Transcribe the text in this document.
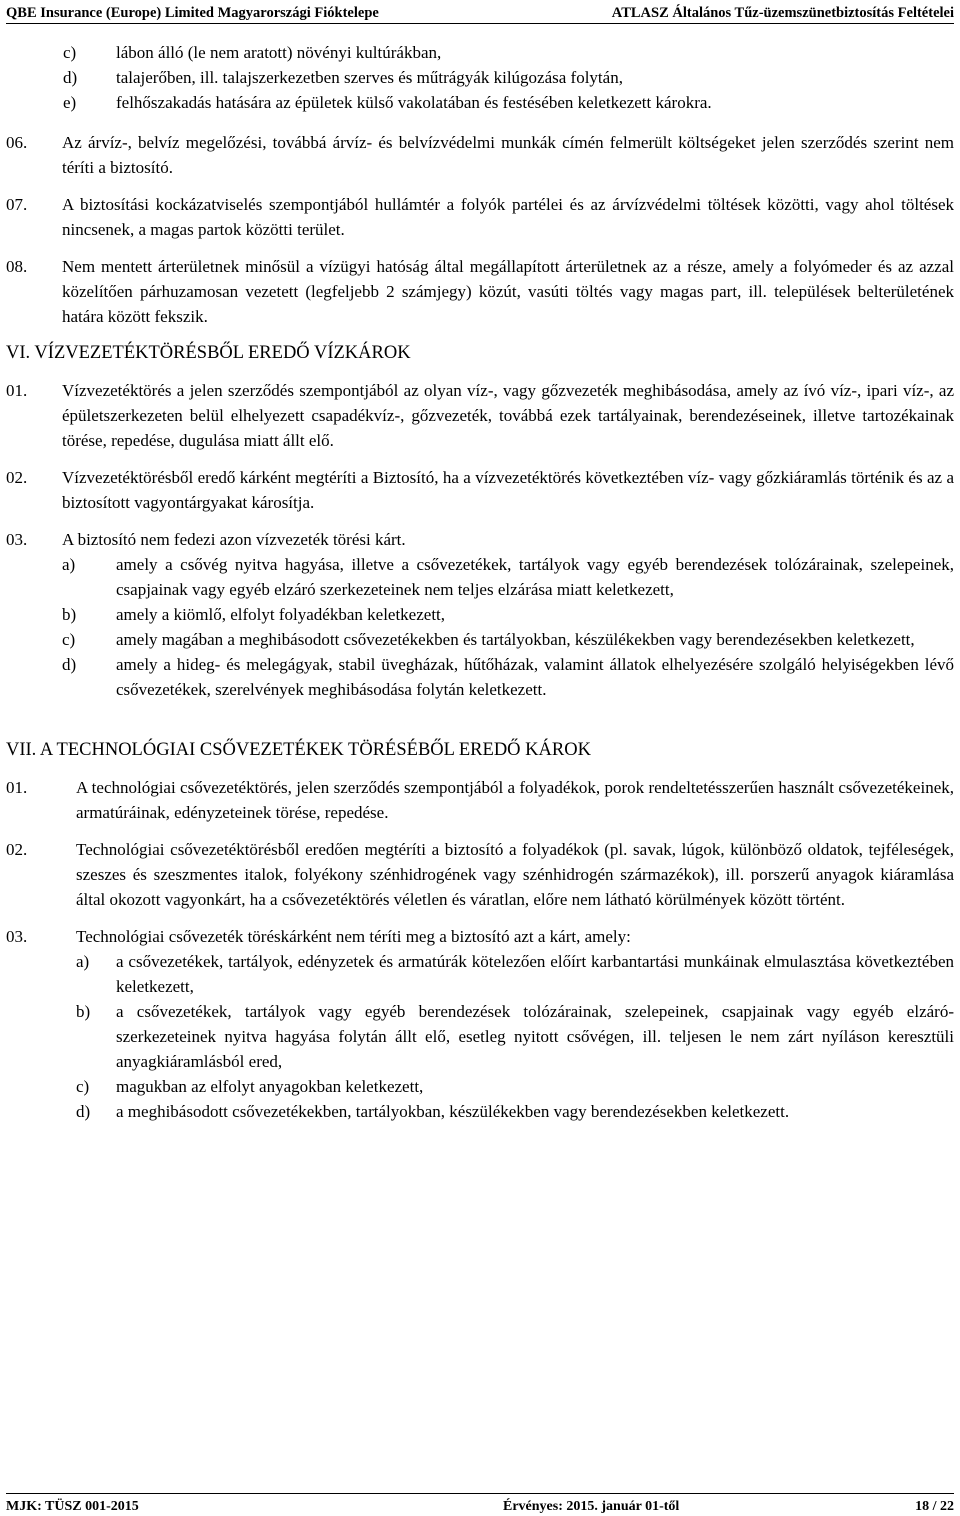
QBE Insurance (Europe) Limited Magyarországi Fióktelepe	ATLASZ Általános Tűz-üzemszünetbiztosítás Feltételei
c) lábon álló (le nem aratott) növényi kultúrákban,
d) talajerőben, ill. talajszerkezetben szerves és műtrágyák kilúgozása folytán,
e) felhőszakadás hatására az épületek külső vakolatában és festésében keletkezett károkra.
06. Az árvíz-, belvíz megelőzési, továbbá árvíz- és belvízvédelmi munkák címén felmerült költségeket jelen szerződés szerint nem téríti a biztosító.
07. A biztosítási kockázatviselés szempontjából hullámtér a folyók partélei és az árvízvédelmi töltések közötti, vagy ahol töltések nincsenek, a magas partok közötti terület.
08. Nem mentett árterületnek minősül a vízügyi hatóság által megállapított árterületnek az a része, amely a folyómeder és az azzal közelítően párhuzamosan vezetett (legfeljebb 2 számjegy) közút, vasúti töltés vagy magas part, ill. települések belterületének határa között fekszik.
VI. VÍZVEZETÉKTÖRÉSBŐL EREDŐ VÍZKÁROK
01. Vízvezetéktörés a jelen szerződés szempontjából az olyan víz-, vagy gőzvezeték meghibásodása, amely az ívó víz-, ipari víz-, az épületszerkezeten belül elhelyezett csapadékvíz-, gőzvezeték, továbbá ezek tartályainak, berendezéseinek, illetve tartozékainak törése, repedése, dugulása miatt állt elő.
02. Vízvezetéktörésből eredő kárként megtéríti a Biztosító, ha a vízvezetéktörés következtében víz- vagy gőzkiáramlás történik és az a biztosított vagyontárgyakat károsítja.
03. A biztosító nem fedezi azon vízvezeték törési kárt.
a) amely a csővég nyitva hagyása, illetve a csővezetékek, tartályok vagy egyéb berendezések tolózárainak, szelepeinek, csapjainak vagy egyéb elzáró szerkezeteinek nem teljes elzárása miatt keletkezett,
b) amely a kiömlő, elfolyt folyadékban keletkezett,
c) amely magában a meghibásodott csővezetékekben és tartályokban, készülékekben vagy berendezésekben keletkezett,
d) amely a hideg- és melegágyak, stabil üvegházak, hűtőházak, valamint állatok elhelyezésére szolgáló helyiségekben lévő csővezetékek, szerelvények meghibásodása folytán keletkezett.
VII. A TECHNOLÓGIAI CSŐVEZETÉKEK TÖRÉSÉBŐL EREDŐ KÁROK
01.	A technológiai csővezetéktörés, jelen szerződés szempontjából a folyadékok, porok rendeltetésszerűen használt csővezetékeinek, armatúráinak, edényzeteinek törése, repedése.
02.	Technológiai csővezetéktörésből eredően megtéríti a biztosító a folyadékok (pl. savak, lúgok, különböző oldatok, tejféleségek, szeszes és szeszmentes italok, folyékony szénhidrogének vagy szénhidrogén származékok), ill. porszerű anyagok kiáramlása által okozott vagyonkárt, ha a csővezetéktörés véletlen és váratlan, előre nem látható körülmények között történt.
03.	Technológiai csővezeték töréskárként nem téríti meg a biztosító azt a kárt, amely:
a) a csővezetékek, tartályok, edényzetek és armatúrák kötelezően előírt karbantartási munkáinak elmulasztása következtében keletkezett,
b) a csővezetékek, tartályok vagy egyéb berendezések tolózárainak, szelepeinek, csapjainak vagy egyéb elzáró-szerkezeteinek nyitva hagyása folytán állt elő, esetleg nyitott csővégen, ill. teljesen le nem zárt nyíláson keresztüli anyagkiáramlásból ered,
c) magukban az elfolyt anyagokban keletkezett,
d) a meghibásodott csővezetékekben, tartályokban, készülékekben vagy berendezésekben keletkezett.
MJK: TÜSZ 001-2015	Érvényes: 2015. január 01-től	18 / 22
